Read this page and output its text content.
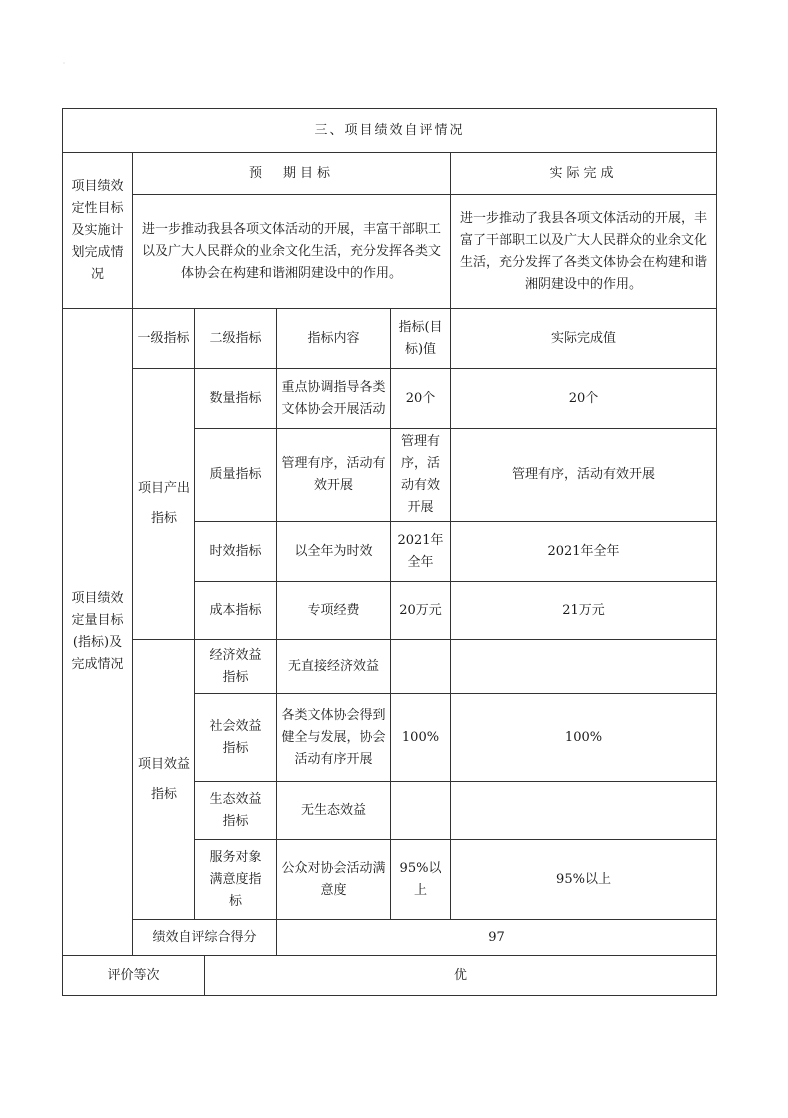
˙
三、项目绩效自评情况						
项目绩效定性目标及实施计划完成情况	预　期目标					实际完成
	进一步推动我县各项文体活动的开展，丰富干部职工以及广大人民群众的业余文化生活，充分发挥各类文体协会在构建和谐湘阴建设中的作用。					进一步推动了我县各项文体活动的开展，丰富了干部职工以及广大人民群众的业余文化生活，充分发挥了各类文体协会在构建和谐湘阴建设中的作用。
项目绩效定量目标(指标)及完成情况	一级指标	二级指标		指标内容	指标(目标)值	实际完成值
	项目产出指标	数量指标		重点协调指导各类文体协会开展活动	20个	20个
		质量指标		管理有序，活动有效开展	管理有序，活动有效开展	管理有序，活动有效开展
		时效指标		以全年为时效	2021年全年	2021年全年
		成本指标		专项经费	20万元	21万元
	项目效益指标	经济效益指标		无直接经济效益		
		社会效益指标		各类文体协会得到健全与发展，协会活动有序开展	100%	100%
		生态效益指标		无生态效益		
		服务对象满意度指标		公众对协会活动满意度	95%以上	95%以上
	绩效自评综合得分			97		
评价等次			优			
